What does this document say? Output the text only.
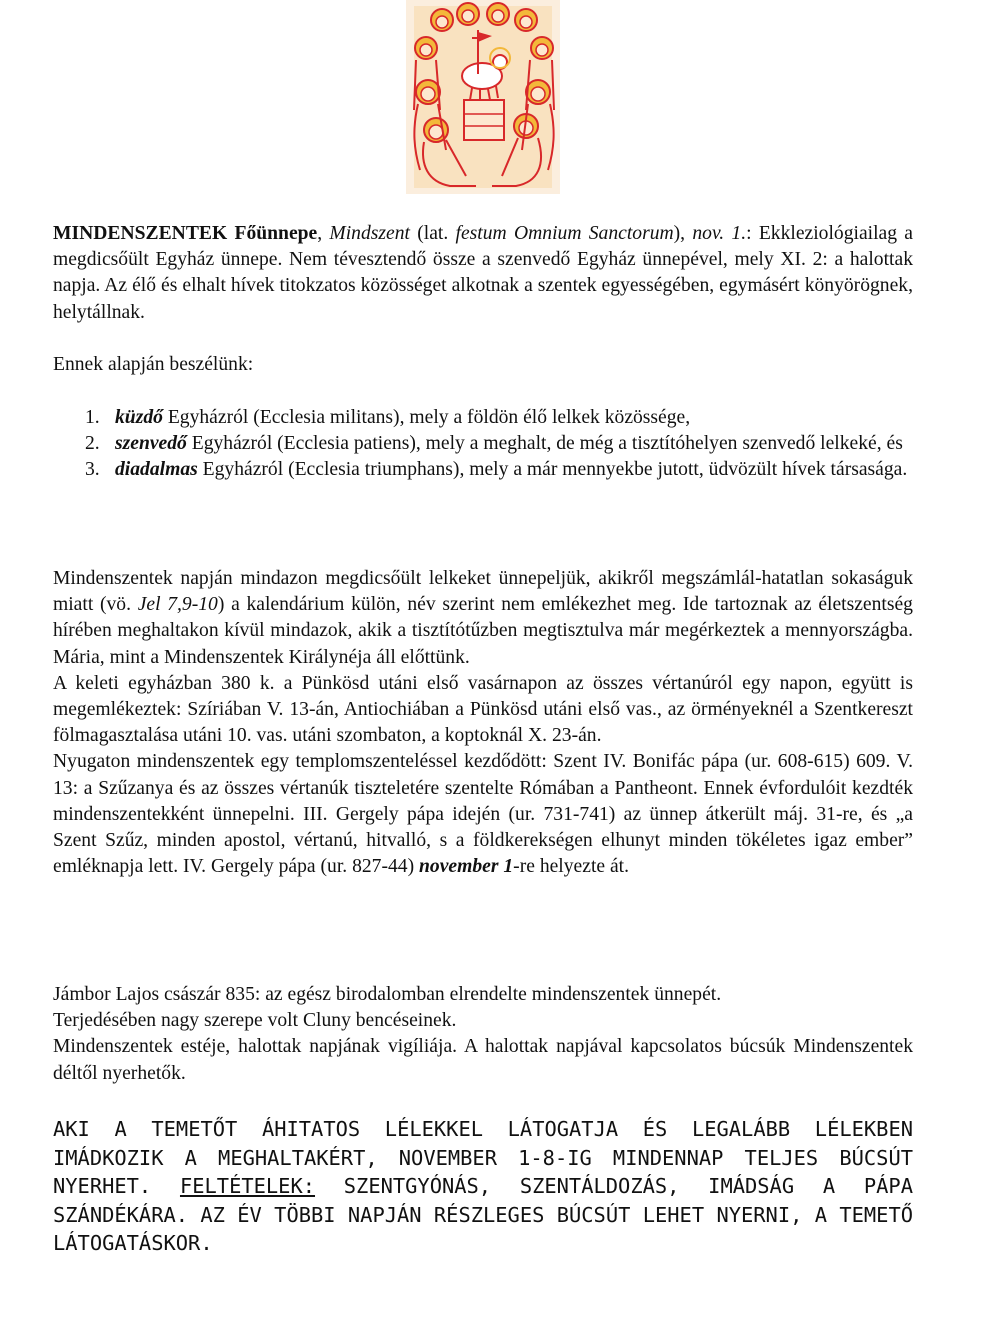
MINDENSZENTEK Főünnepe, Mindszent (lat. festum Omnium Sanctorum), nov. 1.: Ekkleziológiailag a megdicsőült Egyház ünnepe. Nem tévesztendő össze a szenvedő Egyház ünnepével, mely XI. 2: a halottak napja. Az élő és elhalt hívek titokzatos közösséget alkotnak a szentek egyességében, egymásért könyörögnek, helytállnak.
Ennek alapján beszélünk:
1. küzdő Egyházról (Ecclesia militans), mely a földön élő lelkek közössége,
2. szenvedő Egyházról (Ecclesia patiens), mely a meghalt, de még a tisztítóhelyen szenvedő lelkeké, és
3. diadalmas Egyházról (Ecclesia triumphans), mely a már mennyekbe jutott, üdvözült hívek társasága.
Mindenszentek napján mindazon megdicsőült lelkeket ünnepeljük, akikről megszámlál-hatatlan sokaságuk miatt (vö. Jel 7,9-10) a kalendárium külön, név szerint nem emlékezhet meg. Ide tartoznak az életszentség hírében meghaltakon kívül mindazok, akik a tisztítótűzben megtisztulva már megérkeztek a mennyországba. Mária, mint a Mindenszentek Királynéja áll előttünk.
A keleti egyházban 380 k. a Pünkösd utáni első vasárnapon az összes vértanúról egy napon, együtt is megemlékeztek: Szíriában V. 13-án, Antiochiában a Pünkösd utáni első vas., az örményeknél a Szentkereszt fölmagasztalása utáni 10. vas. utáni szombaton, a koptoknál X. 23-án.
Nyugaton mindenszentek egy templomszenteléssel kezdődött: Szent IV. Bonifác pápa (ur. 608-615) 609. V. 13: a Szűzanya és az összes vértanúk tiszteletére szentelte Rómában a Pantheont. Ennek évfordulóit kezdték mindenszentekként ünnepelni. III. Gergely pápa idején (ur. 731-741) az ünnep átkerült máj. 31-re, és „a Szent Szűz, minden apostol, vértanú, hitvalló, s a földkerekségen elhunyt minden tökéletes igaz ember” emléknapja lett. IV. Gergely pápa (ur. 827-44) november 1-re helyezte át.
Jámbor Lajos császár 835: az egész birodalomban elrendelte mindenszentek ünnepét.
Terjedésében nagy szerepe volt Cluny bencéseinek.
Mindenszentek estéje, halottak napjának vigíliája. A halottak napjával kapcsolatos búcsúk Mindenszentek déltől nyerhetők.
AKI A TEMETŐT ÁHITATOS LÉLEKKEL LÁTOGATJA ÉS LEGALÁBB LÉLEKBEN IMÁDKOZIK A MEGHALTAKÉRT, NOVEMBER 1-8-IG MINDENNAP TELJES BÚCSÚT NYERHET. FELTÉTELEK: SZENTGYÓNÁS, SZENTÁLDOZÁS, IMÁDSÁG A PÁPA SZÁNDÉKÁRA. AZ ÉV TÖBBI NAPJÁN RÉSZLEGES BÚCSÚT LEHET NYERNI, A TEMETŐ LÁTOGATÁSKOR.
